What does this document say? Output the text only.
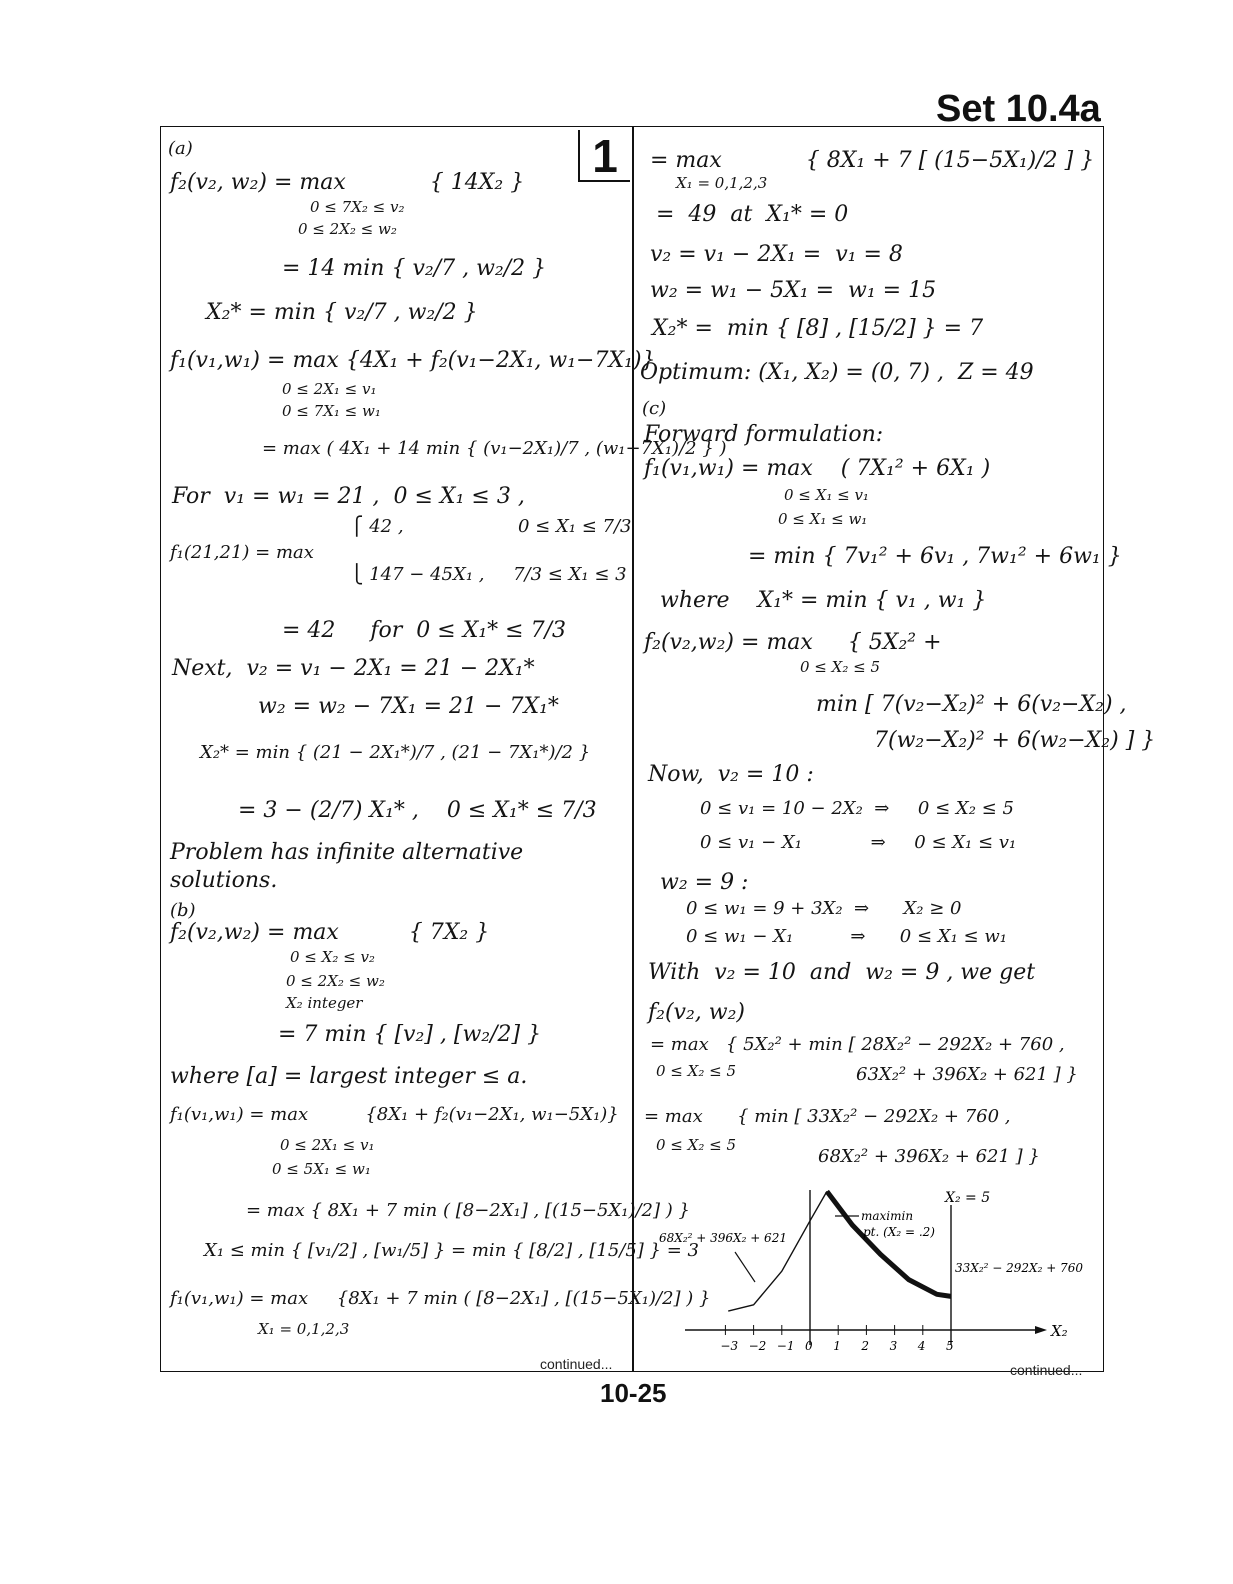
Set 10.4a
1
(a)
f₂(v₂, w₂) = max            { 14X₂ }
0 ≤ 7X₂ ≤ v₂
0 ≤ 2X₂ ≤ w₂
= 14 min { v₂/7 , w₂/2 }
X₂* = min { v₂/7 , w₂/2 }
f₁(v₁,w₁) = max {4X₁ + f₂(v₁−2X₁, w₁−7X₁)}
0 ≤ 2X₁ ≤ v₁
0 ≤ 7X₁ ≤ w₁
= max ( 4X₁ + 14 min { (v₁−2X₁)/7 , (w₁−7X₁)/2 } )
For  v₁ = w₁ = 21 ,  0 ≤ X₁ ≤ 3 ,
⎧ 42 ,                    0 ≤ X₁ ≤ 7/3
f₁(21,21) = max
⎩ 147 − 45X₁ ,     7/3 ≤ X₁ ≤ 3
= 42     for  0 ≤ X₁* ≤ 7/3
Next,  v₂ = v₁ − 2X₁ = 21 − 2X₁*
w₂ = w₂ − 7X₁ = 21 − 7X₁*
X₂* = min { (21 − 2X₁*)/7 , (21 − 7X₁*)/2 }
= 3 − (2/7) X₁* ,    0 ≤ X₁* ≤ 7/3
Problem has infinite alternative
solutions.
(b)
f₂(v₂,w₂) = max          { 7X₂ }
0 ≤ X₂ ≤ v₂
0 ≤ 2X₂ ≤ w₂
X₂ integer
= 7 min { [v₂] , [w₂/2] }
where [a] = largest integer ≤ a.
f₁(v₁,w₁) = max          {8X₁ + f₂(v₁−2X₁, w₁−5X₁)}
0 ≤ 2X₁ ≤ v₁
0 ≤ 5X₁ ≤ w₁
= max { 8X₁ + 7 min ( [8−2X₁] , [(15−5X₁)/2] ) }
X₁ ≤ min { [v₁/2] , [w₁/5] } = min { [8/2] , [15/5] } = 3
f₁(v₁,w₁) = max     {8X₁ + 7 min ( [8−2X₁] , [(15−5X₁)/2] ) }
X₁ = 0,1,2,3
= max            { 8X₁ + 7 [ (15−5X₁)/2 ] }
X₁ = 0,1,2,3
=  49  at  X₁* = 0
v₂ = v₁ − 2X₁ =  v₁ = 8
w₂ = w₁ − 5X₁ =  w₁ = 15
X₂* =  min { [8] , [15/2] } = 7
Optimum: (X₁, X₂) = (0, 7) ,  Z = 49
(c)
Forward formulation:
f₁(v₁,w₁) = max    ( 7X₁² + 6X₁ )
0 ≤ X₁ ≤ v₁
0 ≤ X₁ ≤ w₁
= min { 7v₁² + 6v₁ , 7w₁² + 6w₁ }
where    X₁* = min { v₁ , w₁ }
f₂(v₂,w₂) = max     { 5X₂² +
0 ≤ X₂ ≤ 5
min [ 7(v₂−X₂)² + 6(v₂−X₂) ,
7(w₂−X₂)² + 6(w₂−X₂) ] }
Now,  v₂ = 10 :
0 ≤ v₁ = 10 − 2X₂  ⇒     0 ≤ X₂ ≤ 5
0 ≤ v₁ − X₁            ⇒     0 ≤ X₁ ≤ v₁
w₂ = 9 :
0 ≤ w₁ = 9 + 3X₂  ⇒      X₂ ≥ 0
0 ≤ w₁ − X₁          ⇒      0 ≤ X₁ ≤ w₁
With  v₂ = 10  and  w₂ = 9 , we get
f₂(v₂, w₂)
= max   { 5X₂² + min [ 28X₂² − 292X₂ + 760 ,
0 ≤ X₂ ≤ 5	63X₂² + 396X₂ + 621 ] }
= max      { min [ 33X₂² − 292X₂ + 760 ,
0 ≤ X₂ ≤ 5
68X₂² + 396X₂ + 621 ] }
−3 −2 −1 0 1 2 3 4 5
X₂
68X₂² + 396X₂ + 621
33X₂² − 292X₂ + 760
maximin
pt. (X₂ = .2)
X₂ = 5
continued...	continued...
10-25
